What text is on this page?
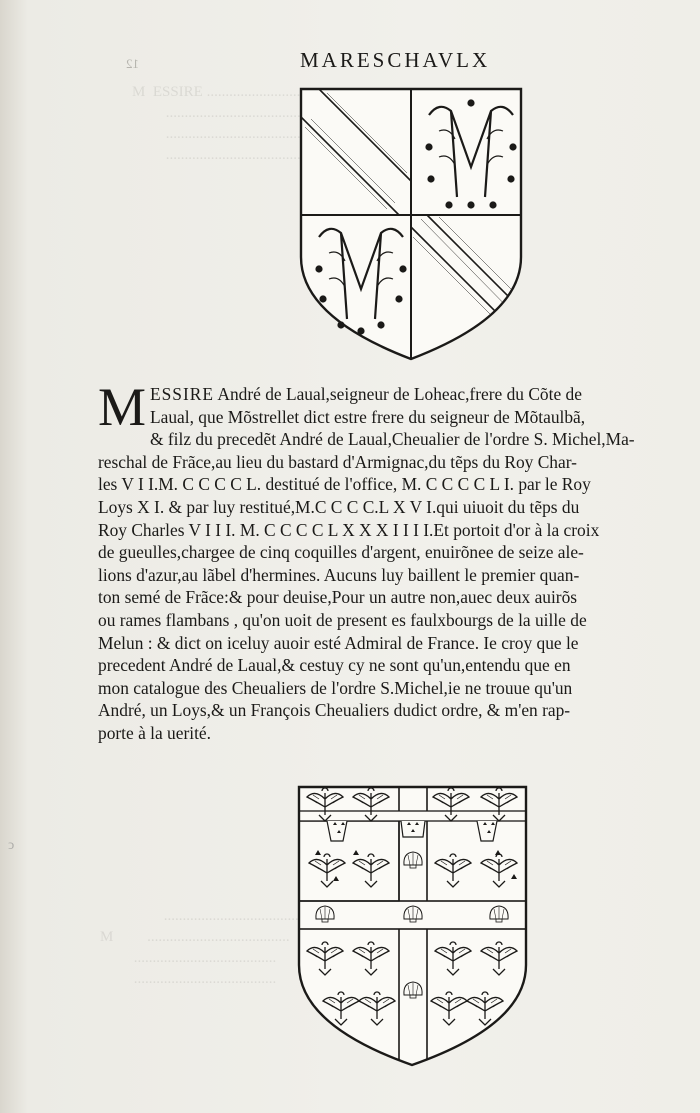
M  ESSIRE ......................................
........................................
........................................
........................................
.......................................
M         ......................................
......................................
......................................
12	MARESCHAVLX
M ESSIRE André de Laual,seigneur de Loheac,frere du Cõte de
Laual, que Mõstrellet dict estre frere du seigneur de Mõtaulbã,
& filz du precedẽt André de Laual,Cheualier de l'ordre S. Michel,Ma-
reschal de Frãce,au lieu du bastard d'Armignac,du tẽps du Roy Char-
les V I I.M. C C C C L. destitué de l'office, M. C C C C L I. par le Roy
Loys X I. & par luy restitué,M.C C C C.L X V I.qui uiuoit du tẽps du
Roy Charles V I I I. M. C C C C L X X X I I I I.Et portoit d'or à la croix
de gueulles,chargee de cinq coquilles d'argent, enuirõnee de seize ale-
lions d'azur,au lãbel d'hermines. Aucuns luy baillent le premier quan-
ton semé de Frãce:& pour deuise,Pour un autre non,auec deux auirõs
ou rames flambans , qu'on uoit de present es faulxbourgs de la uille de
Melun : & dict on iceluy auoir esté Admiral de France. Ie croy que le
precedent André de Laual,& cestuy cy ne sont qu'un,entendu que en
mon catalogue des Cheualiers de l'ordre S.Michel,ie ne trouue qu'un
André, un Loys,& un François Cheualiers dudict ordre, & m'en rap-
porte à la uerité.
ↄ
